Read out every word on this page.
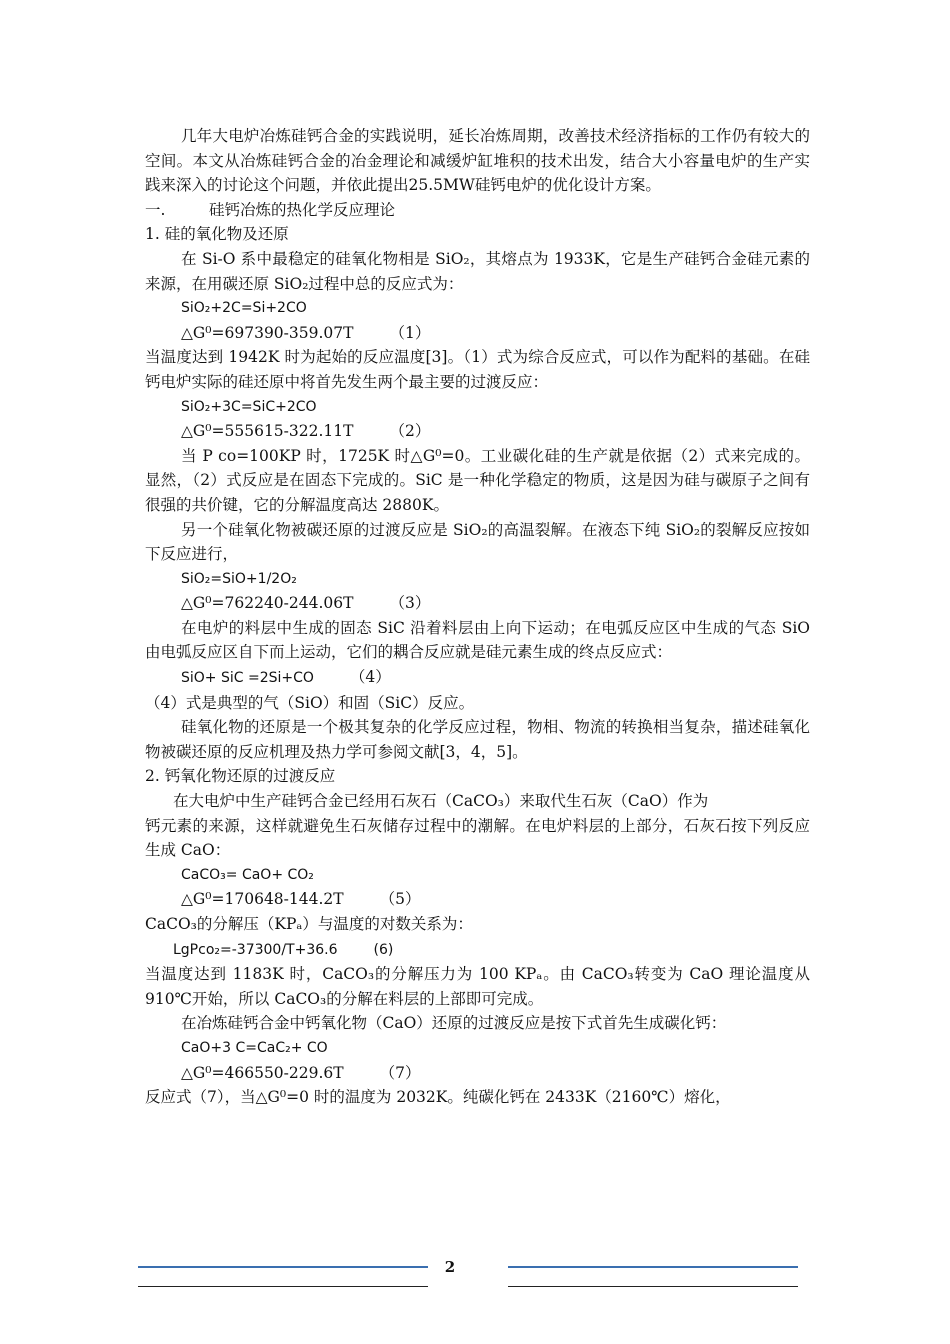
几年大电炉冶炼硅钙合金的实践说明，延长冶炼周期，改善技术经济指标的工作仍有较大的空间。本文从冶炼硅钙合金的冶金理论和减缓炉缸堆积的技术出发，结合大小容量电炉的生产实践来深入的讨论这个问题，并依此提出25.5MW硅钙电炉的优化设计方案。

一.	硅钙冶炼的热化学反应理论

1. 硅的氧化物及还原

在 Si-O 系中最稳定的硅氧化物相是 SiO₂，其熔点为 1933K，它是生产硅钙合金硅元素的来源，在用碳还原 SiO₂过程中总的反应式为：

SiO₂+2C=Si+2CO

△G⁰=697390-359.07T （1）

当温度达到 1942K 时为起始的反应温度[3]。（1）式为综合反应式，可以作为配料的基础。在硅钙电炉实际的硅还原中将首先发生两个最主要的过渡反应：

SiO₂+3C=SiC+2CO

△G⁰=555615-322.11T （2）

当 P co=100KP 时，1725K 时△G⁰=0。工业碳化硅的生产就是依据（2）式来完成的。显然，（2）式反应是在固态下完成的。SiC 是一种化学稳定的物质，这是因为硅与碳原子之间有很强的共价键，它的分解温度高达 2880K。

另一个硅氧化物被碳还原的过渡反应是 SiO₂的高温裂解。在液态下纯 SiO₂的裂解反应按如下反应进行，

SiO₂=SiO+1/2O₂

△G⁰=762240-244.06T （3）

在电炉的料层中生成的固态 SiC 沿着料层由上向下运动；在电弧反应区中生成的气态 SiO 由电弧反应区自下而上运动，它们的耦合反应就是硅元素生成的终点反应式：

SiO+ SiC =2Si+CO （4）

（4）式是典型的气（SiO）和固（SiC）反应。

硅氧化物的还原是一个极其复杂的化学反应过程，物相、物流的转换相当复杂，描述硅氧化物被碳还原的反应机理及热力学可参阅文献[3，4，5]。

2. 钙氧化物还原的过渡反应

在大电炉中生产硅钙合金已经用石灰石（CaCO₃）来取代生石灰（CaO）作为

钙元素的来源，这样就避免生石灰储存过程中的潮解。在电炉料层的上部分，石灰石按下列反应生成 CaO：

CaCO₃= CaO+ CO₂

△G⁰=170648-144.2T （5）

CaCO₃的分解压（KPₐ）与温度的对数关系为：

LgPco₂=-37300/T+36.6	(6)

当温度达到 1183K 时，CaCO₃的分解压力为 100 KPₐ。由 CaCO₃转变为 CaO 理论温度从 910℃开始，所以 CaCO₃的分解在料层的上部即可完成。

在冶炼硅钙合金中钙氧化物（CaO）还原的过渡反应是按下式首先生成碳化钙：

CaO+3 C=CaC₂+ CO

△G⁰=466550-229.6T （7）

反应式（7），当△G⁰=0 时的温度为 2032K。纯碳化钙在 2433K（2160℃）熔化，

2
